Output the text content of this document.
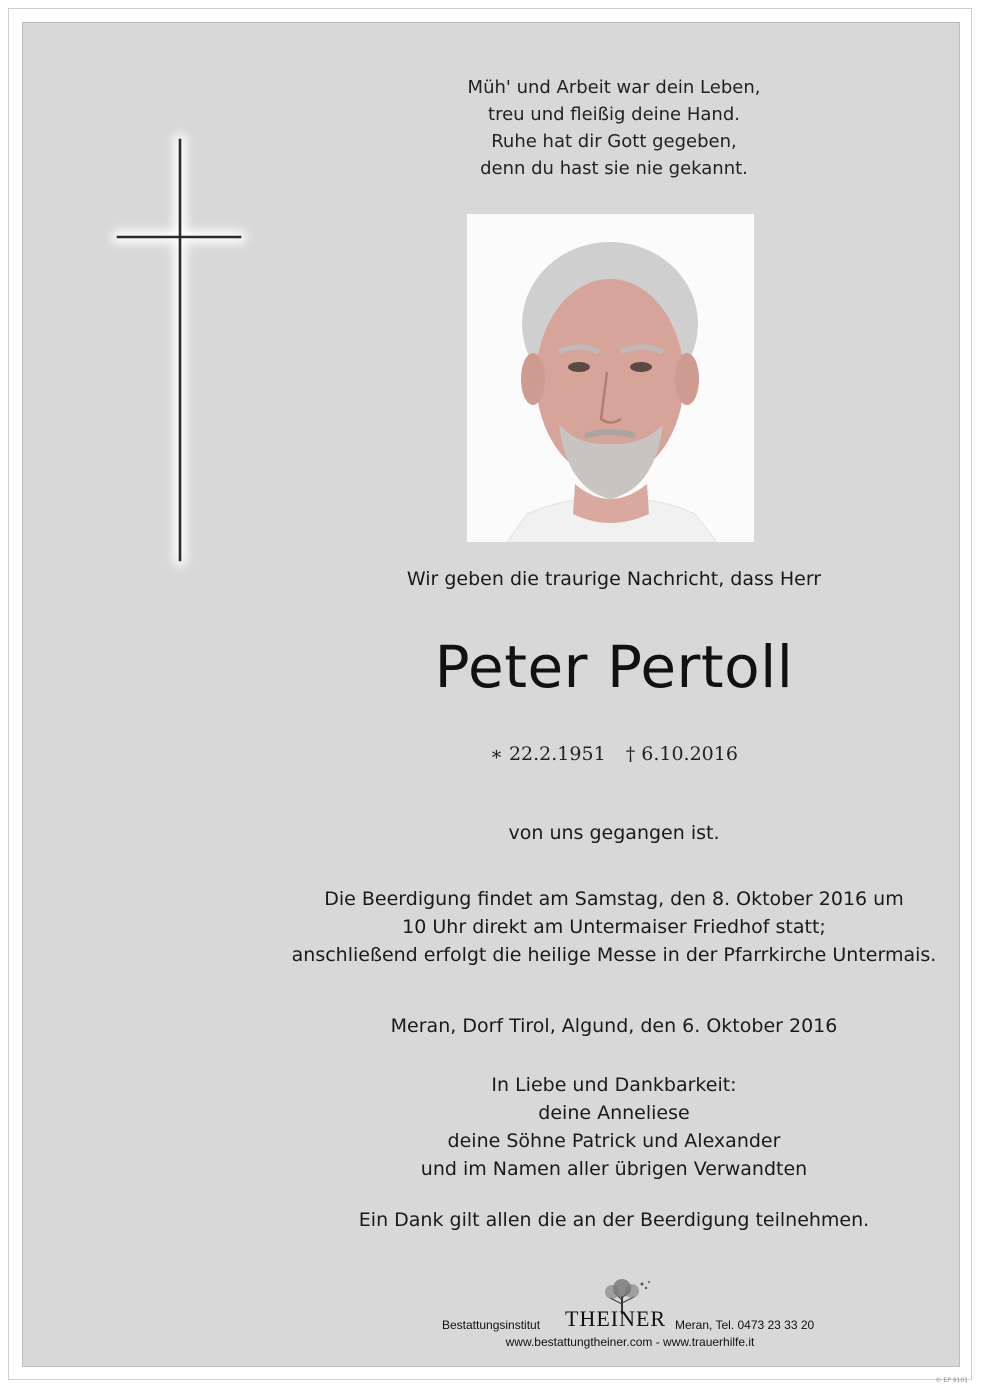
Müh' und Arbeit war dein Leben,
treu und fleißig deine Hand.
Ruhe hat dir Gott gegeben,
denn du hast sie nie gekannt.
Wir geben die traurige Nachricht, dass Herr
Peter Pertoll
∗ 22.2.1951 † 6.10.2016
von uns gegangen ist.
Die Beerdigung findet am Samstag, den 8. Oktober 2016 um
10 Uhr direkt am Untermaiser Friedhof statt;
anschließend erfolgt die heilige Messe in der Pfarrkirche Untermais.
Meran, Dorf Tirol, Algund, den 6. Oktober 2016
In Liebe und Dankbarkeit:
deine Anneliese
deine Söhne Patrick und Alexander
und im Namen aller übrigen Verwandten
Ein Dank gilt allen die an der Beerdigung teilnehmen.
Bestattungsinstitut THEINER Meran, Tel. 0473 23 33 20
www.bestattungtheiner.com - www.trauerhilfe.it
© EP 9101
